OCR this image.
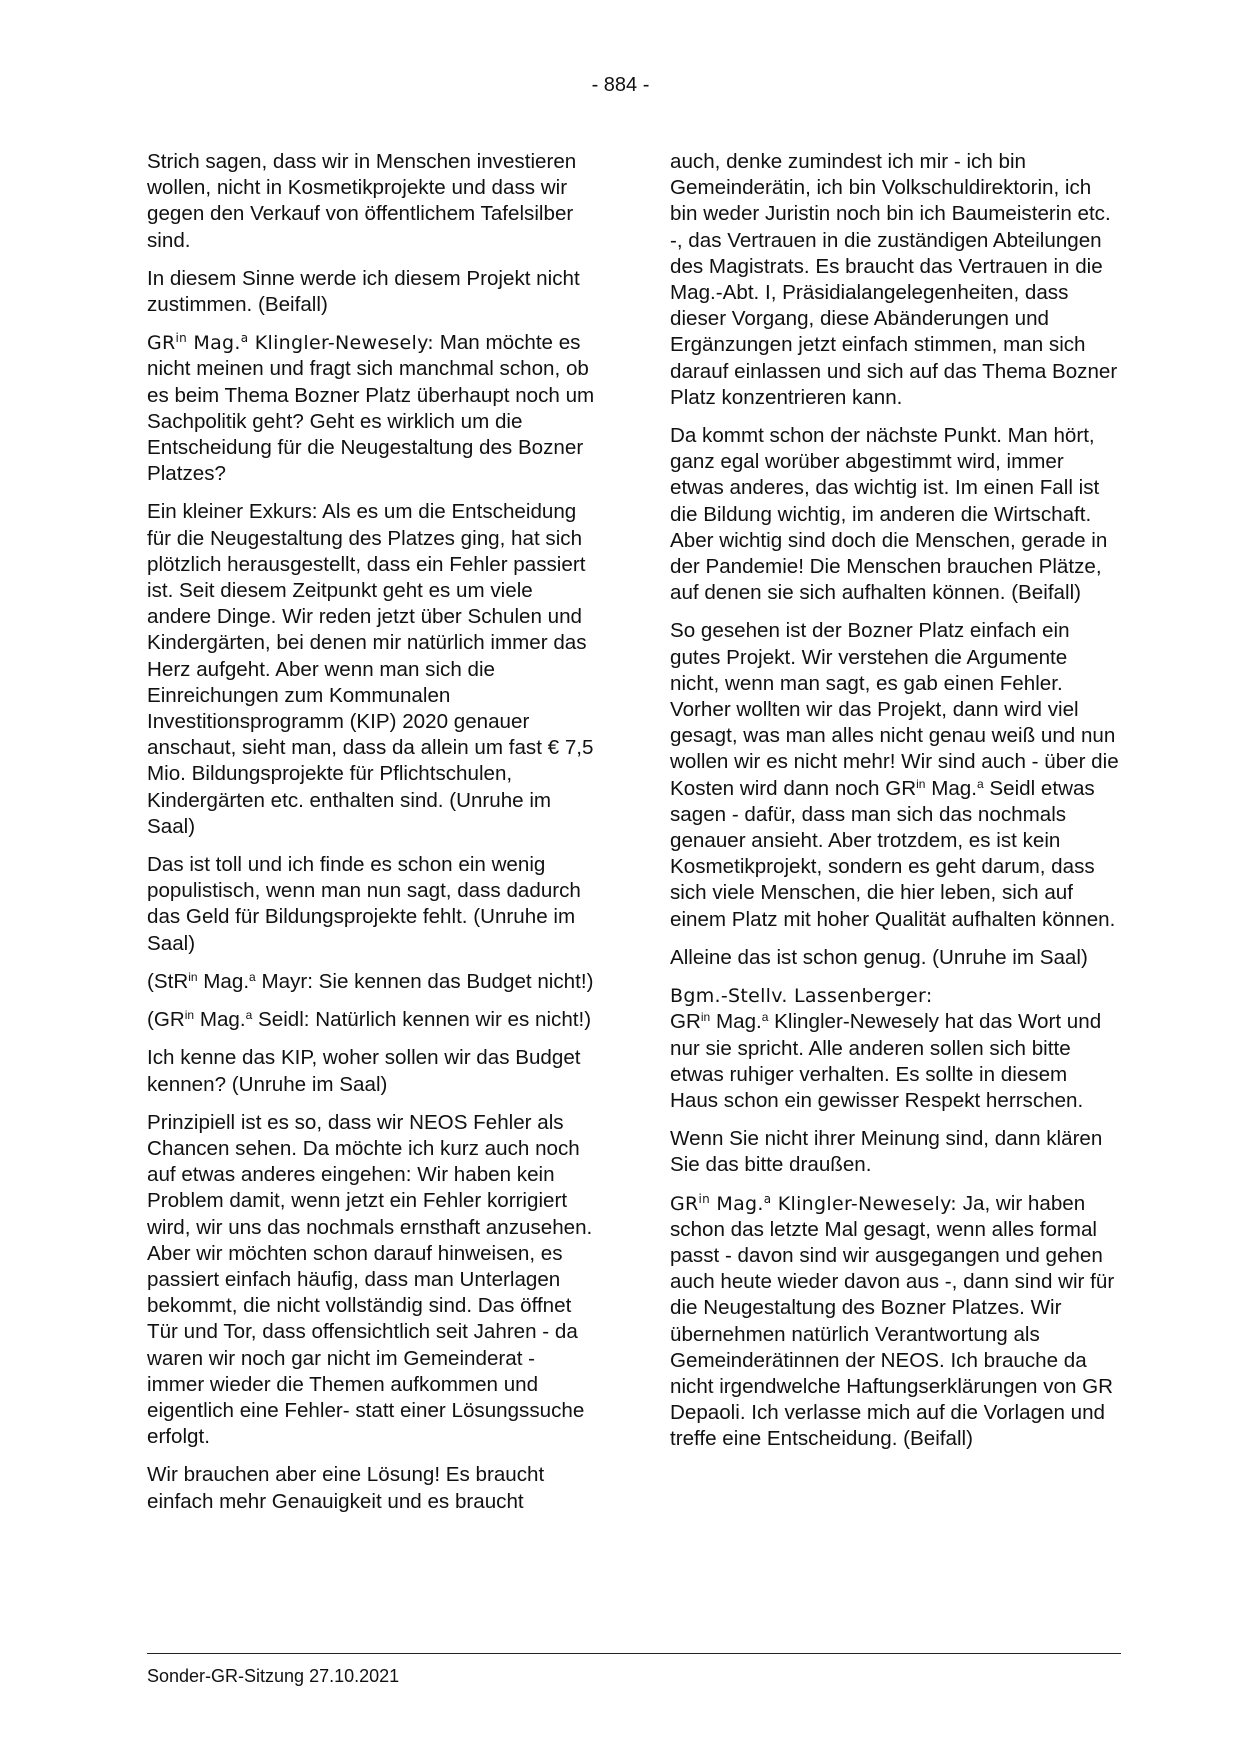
- 884 -

Strich sagen, dass wir in Menschen investieren wollen, nicht in Kosmetikprojekte und dass wir gegen den Verkauf von öffentlichem Tafelsilber sind.

In diesem Sinne werde ich diesem Projekt nicht zustimmen. (Beifall)

$GR^{in}$ Mag.$^a$ Klingler-Newesely: Man möchte es nicht meinen und fragt sich manchmal schon, ob es beim Thema Bozner Platz überhaupt noch um Sachpolitik geht? Geht es wirklich um die Entscheidung für die Neugestaltung des Bozner Platzes?

Ein kleiner Exkurs: Als es um die Entscheidung für die Neugestaltung des Platzes ging, hat sich plötzlich herausgestellt, dass ein Fehler passiert ist. Seit diesem Zeitpunkt geht es um viele andere Dinge. Wir reden jetzt über Schulen und Kindergärten, bei denen mir natürlich immer das Herz aufgeht. Aber wenn man sich die Einreichungen zum Kommunalen Investitionsprogramm (KIP) 2020 genauer anschaut, sieht man, dass da allein um fast € 7,5 Mio. Bildungsprojekte für Pflichtschulen, Kindergärten etc. enthalten sind. (Unruhe im Saal)

Das ist toll und ich finde es schon ein wenig populistisch, wenn man nun sagt, dass dadurch das Geld für Bildungsprojekte fehlt. (Unruhe im Saal)

(StR$^{in}$ Mag.$^a$ Mayr: Sie kennen das Budget nicht!)

($GR^{in}$ Mag.$^a$ Seidl: Natürlich kennen wir es nicht!)

Ich kenne das KIP, woher sollen wir das Budget kennen? (Unruhe im Saal)

Prinzipiell ist es so, dass wir NEOS Fehler als Chancen sehen. Da möchte ich kurz auch noch auf etwas anderes eingehen: Wir haben kein Problem damit, wenn jetzt ein Fehler korrigiert wird, wir uns das nochmals ernsthaft anzusehen. Aber wir möchten schon darauf hinweisen, es passiert einfach häufig, dass man Unterlagen bekommt, die nicht vollständig sind. Das öffnet Tür und Tor, dass offensichtlich seit Jahren - da waren wir noch gar nicht im Gemeinderat - immer wieder die Themen aufkommen und eigentlich eine Fehler- statt einer Lösungssuche erfolgt.

Wir brauchen aber eine Lösung! Es braucht einfach mehr Genauigkeit und es braucht

auch, denke zumindest ich mir - ich bin Gemeinderätin, ich bin Volkschuldirektorin, ich bin weder Juristin noch bin ich Baumeisterin etc. -, das Vertrauen in die zuständigen Abteilungen des Magistrats. Es braucht das Vertrauen in die Mag.-Abt. I, Präsidialangelegenheiten, dass dieser Vorgang, diese Abänderungen und Ergänzungen jetzt einfach stimmen, man sich darauf einlassen und sich auf das Thema Bozner Platz konzentrieren kann.

Da kommt schon der nächste Punkt. Man hört, ganz egal worüber abgestimmt wird, immer etwas anderes, das wichtig ist. Im einen Fall ist die Bildung wichtig, im anderen die Wirtschaft. Aber wichtig sind doch die Menschen, gerade in der Pandemie! Die Menschen brauchen Plätze, auf denen sie sich aufhalten können. (Beifall)

So gesehen ist der Bozner Platz einfach ein gutes Projekt. Wir verstehen die Argumente nicht, wenn man sagt, es gab einen Fehler. Vorher wollten wir das Projekt, dann wird viel gesagt, was man alles nicht genau weiß und nun wollen wir es nicht mehr! Wir sind auch - über die Kosten wird dann noch $GR^{in}$ Mag.$^a$ Seidl etwas sagen - dafür, dass man sich das nochmals genauer ansieht. Aber trotzdem, es ist kein Kosmetikprojekt, sondern es geht darum, dass sich viele Menschen, die hier leben, sich auf einem Platz mit hoher Qualität aufhalten können.

Alleine das ist schon genug. (Unruhe im Saal)

Bgm.-Stellv. Lassenberger:
$GR^{in}$ Mag.$^a$ Klingler-Newesely hat das Wort und nur sie spricht. Alle anderen sollen sich bitte etwas ruhiger verhalten. Es sollte in diesem Haus schon ein gewisser Respekt herrschen.

Wenn Sie nicht ihrer Meinung sind, dann klären Sie das bitte draußen.

$GR^{in}$ Mag.$^a$ Klingler-Newesely: Ja, wir haben schon das letzte Mal gesagt, wenn alles formal passt - davon sind wir ausgegangen und gehen auch heute wieder davon aus -, dann sind wir für die Neugestaltung des Bozner Platzes. Wir übernehmen natürlich Verantwortung als Gemeinderätinnen der NEOS. Ich brauche da nicht irgendwelche Haftungserklärungen von GR Depaoli. Ich verlasse mich auf die Vorlagen und treffe eine Entscheidung. (Beifall)

Sonder-GR-Sitzung 27.10.2021
